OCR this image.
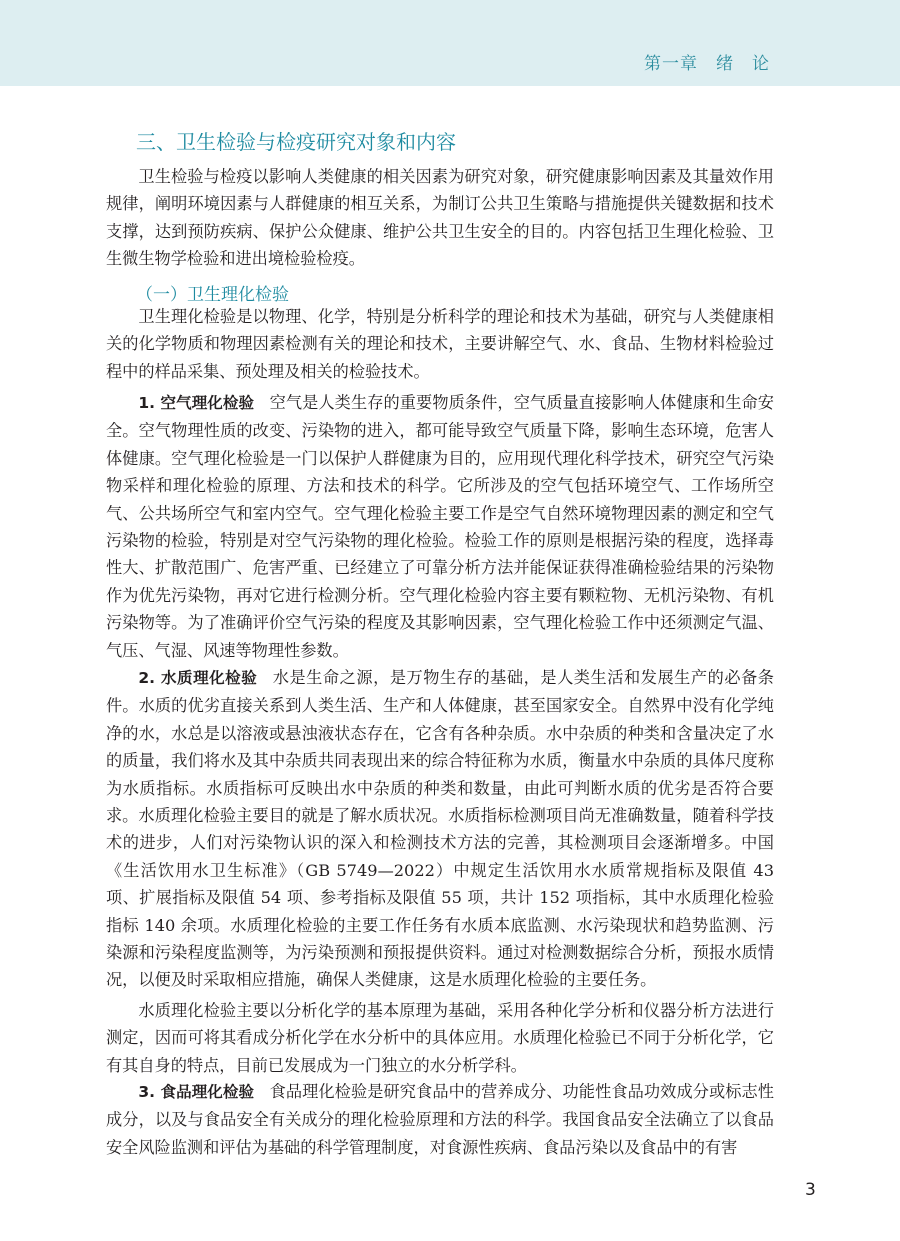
第一章　绪　论
三、卫生检验与检疫研究对象和内容

卫生检验与检疫以影响人类健康的相关因素为研究对象，研究健康影响因素及其量效作用规律，阐明环境因素与人群健康的相互关系，为制订公共卫生策略与措施提供关键数据和技术支撑，达到预防疾病、保护公众健康、维护公共卫生安全的目的。内容包括卫生理化检验、卫生微生物学检验和进出境检验检疫。

（一）卫生理化检验

卫生理化检验是以物理、化学，特别是分析科学的理论和技术为基础，研究与人类健康相关的化学物质和物理因素检测有关的理论和技术，主要讲解空气、水、食品、生物材料检验过程中的样品采集、预处理及相关的检验技术。

1. 空气理化检验 空气是人类生存的重要物质条件，空气质量直接影响人体健康和生命安全。空气物理性质的改变、污染物的进入，都可能导致空气质量下降，影响生态环境，危害人体健康。空气理化检验是一门以保护人群健康为目的，应用现代理化科学技术，研究空气污染物采样和理化检验的原理、方法和技术的科学。它所涉及的空气包括环境空气、工作场所空气、公共场所空气和室内空气。空气理化检验主要工作是空气自然环境物理因素的测定和空气污染物的检验，特别是对空气污染物的理化检验。检验工作的原则是根据污染的程度，选择毒性大、扩散范围广、危害严重、已经建立了可靠分析方法并能保证获得准确检验结果的污染物作为优先污染物，再对它进行检测分析。空气理化检验内容主要有颗粒物、无机污染物、有机污染物等。为了准确评价空气污染的程度及其影响因素，空气理化检验工作中还须测定气温、气压、气湿、风速等物理性参数。

2. 水质理化检验 水是生命之源，是万物生存的基础，是人类生活和发展生产的必备条件。水质的优劣直接关系到人类生活、生产和人体健康，甚至国家安全。自然界中没有化学纯净的水，水总是以溶液或悬浊液状态存在，它含有各种杂质。水中杂质的种类和含量决定了水的质量，我们将水及其中杂质共同表现出来的综合特征称为水质，衡量水中杂质的具体尺度称为水质指标。水质指标可反映出水中杂质的种类和数量，由此可判断水质的优劣是否符合要求。 水质理化检验主要目的就是了解水质状况。水质指标检测项目尚无准确数量，随着科学技术的进步，人们对污染物认识的深入和检测技术方法的完善，其检测项目会逐渐增多。中国《生活饮用水卫生标准》（GB 5749—2022）中规定生活饮用水水质常规指标及限值 43 项、扩展指标及限值 54 项、参考指标及限值 55 项，共计 152 项指标，其中水质理化检验指标 140 余项。水质理化检验的主要工作任务有水质本底监测、水污染现状和趋势监测、污染源和污染程度监测等，为污染预测和预报提供资料。通过对检测数据综合分析，预报水质情况，以便及时采取相应措施，确保人类健康，这是水质理化检验的主要任务。

水质理化检验主要以分析化学的基本原理为基础，采用各种化学分析和仪器分析方法进行测定，因而可将其看成分析化学在水分析中的具体应用。水质理化检验已不同于分析化学，它有其自身的特点，目前已发展成为一门独立的水分析学科。

3. 食品理化检验 食品理化检验是研究食品中的营养成分、功能性食品功效成分或标志性成分，以及与食品安全有关成分的理化检验原理和方法的科学。我国食品安全法确立了以食品安全风险监测和评估为基础的科学管理制度，对食源性疾病、食品污染以及食品中的有害

3
